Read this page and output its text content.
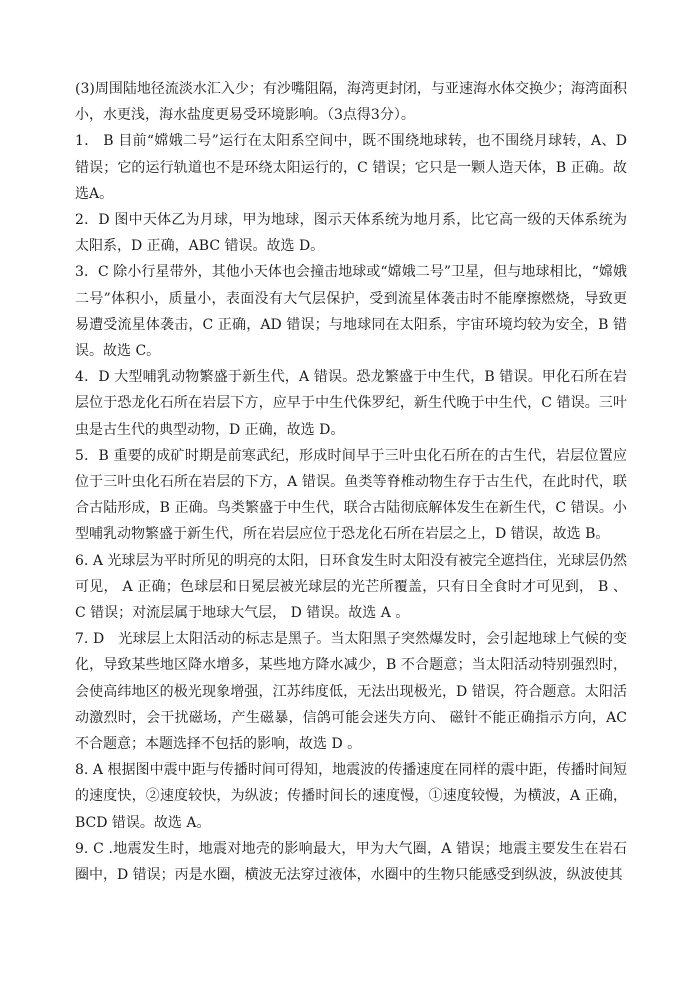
(3)周围陆地径流淡水汇入少；有沙嘴阻隔，海湾更封闭，与亚速海水体交换少；海湾面积小，水更浅，海水盐度更易受环境影响。（3点得3分）。

1． B 目前“嫦娥二号”运行在太阳系空间中，既不围绕地球转，也不围绕月球转，A、D错误；它的运行轨道也不是环绕太阳运行的，C 错误；它只是一颗人造天体，B 正确。故选A。

2．D 图中天体乙为月球，甲为地球，图示天体系统为地月系，比它高一级的天体系统为太阳系，D 正确，ABC 错误。故选 D。

3．C 除小行星带外，其他小天体也会撞击地球或“嫦娥二号”卫星，但与地球相比，“嫦娥二号”体积小，质量小，表面没有大气层保护，受到流星体袭击时不能摩擦燃烧，导致更易遭受流星体袭击，C 正确，AD 错误；与地球同在太阳系，宇宙环境均较为安全，B 错误。故选 C。

4．D 大型哺乳动物繁盛于新生代，A 错误。恐龙繁盛于中生代，B 错误。甲化石所在岩层位于恐龙化石所在岩层下方，应早于中生代侏罗纪，新生代晚于中生代，C 错误。三叶虫是古生代的典型动物，D 正确，故选 D。

5．B 重要的成矿时期是前寒武纪，形成时间早于三叶虫化石所在的古生代，岩层位置应位于三叶虫化石所在岩层的下方，A 错误。鱼类等脊椎动物生存于古生代，在此时代，联合古陆形成，B 正确。鸟类繁盛于中生代，联合古陆彻底解体发生在新生代，C 错误。小型哺乳动物繁盛于新生代，所在岩层应位于恐龙化石所在岩层之上，D 错误，故选 B。

6. A 光球层为平时所见的明亮的太阳，日环食发生时太阳没有被完全遮挡住，光球层仍然可见， A 正确；色球层和日冕层被光球层的光芒所覆盖，只有日全食时才可见到， B 、C 错误；对流层属于地球大气层， D 错误。故选 A 。

7. D　光球层上太阳活动的标志是黑子。当太阳黑子突然爆发时，会引起地球上气候的变化，导致某些地区降水增多，某些地方降水减少，B 不合题意；当太阳活动特别强烈时，会使高纬地区的极光现象增强，江苏纬度低，无法出现极光，D 错误，符合题意。太阳活动激烈时，会干扰磁场，产生磁暴，信鸽可能会迷失方向、 磁针不能正确指示方向，AC 不合题意；本题选择不包括的影响，故选 D 。

8. A 根据图中震中距与传播时间可得知，地震波的传播速度在同样的震中距，传播时间短的速度快，②速度较快，为纵波；传播时间长的速度慢，①速度较慢，为横波，A 正确，BCD 错误。故选 A。

9. C .地震发生时，地震对地壳的影响最大，甲为大气圈，A 错误；地震主要发生在岩石圈中，D 错误；丙是水圈，横波无法穿过液体，水圈中的生物只能感受到纵波，纵波使其
